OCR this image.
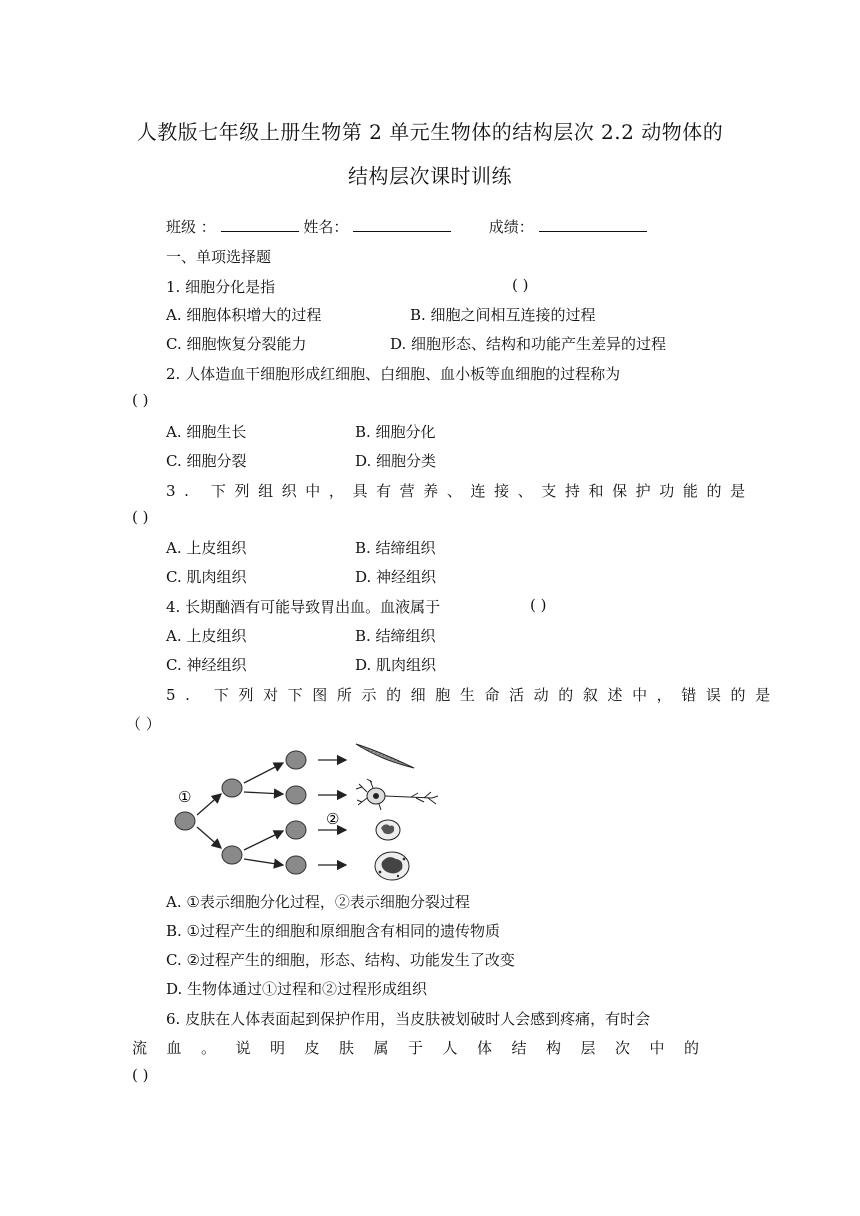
人教版七年级上册生物第 2 单元生物体的结构层次 2.2 动物体的
结构层次课时训练
班级 ：	姓名：	成绩：
一、单项选择题
1. 细胞分化是指	( )
A. 细胞体积增大的过程	B. 细胞之间相互连接的过程
C. 细胞恢复分裂能力	D. 细胞形态、结构和功能产生差异的过程
2. 人体造血干细胞形成红细胞、白细胞、血小板等血细胞的过程称为
( )
A. 细胞生长	B. 细胞分化
C. 细胞分裂	D. 细胞分类
3. 下列组织中，具有营养、连接、支持和保护功能的是
( )
A. 上皮组织	B. 结缔组织
C. 肌肉组织	D. 神经组织
4. 长期酗酒有可能导致胃出血。血液属于	( )
A. 上皮组织	B. 结缔组织
C. 神经组织	D. 肌肉组织
5. 下列对下图所示的细胞生命活动的叙述中，错误的是
（ ）
①
②
A. ①表示细胞分化过程，②表示细胞分裂过程
B. ①过程产生的细胞和原细胞含有相同的遗传物质
C. ②过程产生的细胞，形态、结构、功能发生了改变
D. 生物体通过①过程和②过程形成组织
6. 皮肤在人体表面起到保护作用，当皮肤被划破时人会感到疼痛，有时会
流血。说明皮肤属于人体结构层次中的
( )
